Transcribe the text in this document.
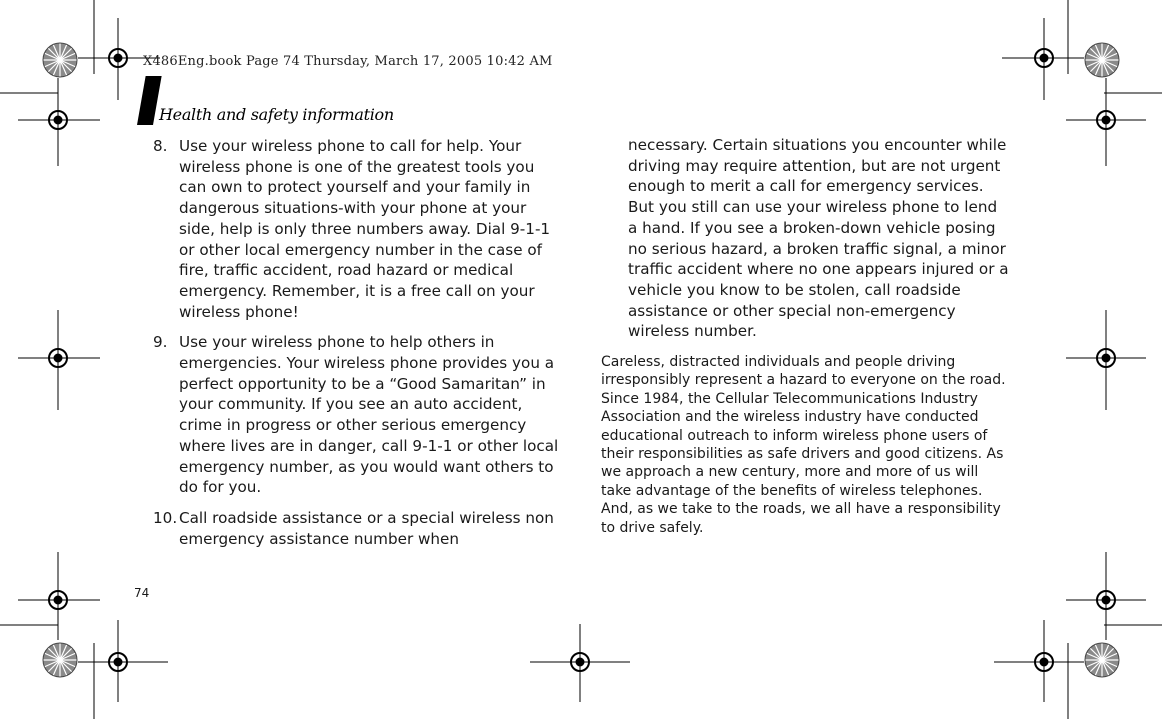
X486Eng.book Page 74 Thursday, March 17, 2005 10:42 AM
Health and safety information
8. Use your wireless phone to call for help. Your wireless phone is one of the greatest tools you can own to protect yourself and your family in dangerous situations-with your phone at your side, help is only three numbers away. Dial 9-1-1 or other local emergency number in the case of fire, traffic accident, road hazard or medical emergency. Remember, it is a free call on your wireless phone!
9. Use your wireless phone to help others in emergencies. Your wireless phone provides you a perfect opportunity to be a “Good Samaritan” in your community. If you see an auto accident, crime in progress or other serious emergency where lives are in danger, call 9-1-1 or other local emergency number, as you would want others to do for you.
10. Call roadside assistance or a special wireless non emergency assistance number when
necessary. Certain situations you encounter while driving may require attention, but are not urgent enough to merit a call for emergency services. But you still can use your wireless phone to lend a hand. If you see a broken-down vehicle posing no serious hazard, a broken traffic signal, a minor traffic accident where no one appears injured or a vehicle you know to be stolen, call roadside assistance or other special non-emergency wireless number.
Careless, distracted individuals and people driving irresponsibly represent a hazard to everyone on the road. Since 1984, the Cellular Telecommunications Industry Association and the wireless industry have conducted educational outreach to inform wireless phone users of their responsibilities as safe drivers and good citizens. As we approach a new century, more and more of us will take advantage of the benefits of wireless telephones. And, as we take to the roads, we all have a responsibility to drive safely.
74
